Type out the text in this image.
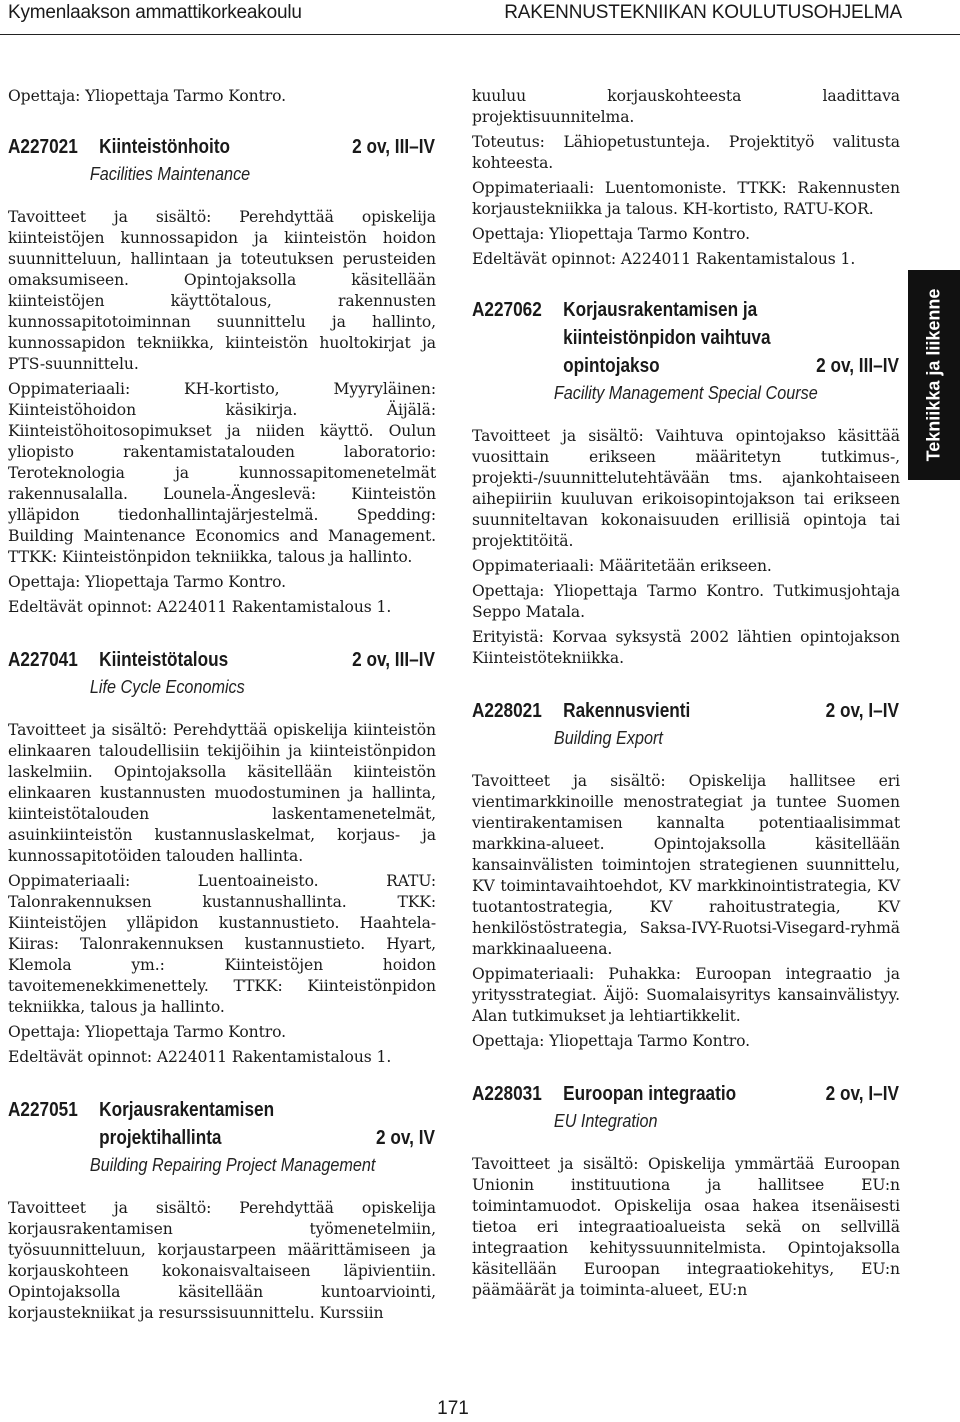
Kymenlaakson ammattikorkeakoulu	RAKENNUSTEKNIIKAN KOULUTUSOHJELMA
Tekniikka ja liikenne

Opettaja: Yliopettaja Tarmo Kontro.

A227021	Kiinteistönhoito	2 ov, III–IV
Facilities Maintenance

Tavoitteet ja sisältö: Perehdyttää opiskelija kiinteistöjen kunnossapidon ja kiinteistön hoidon suunnitteluun, hallintaan ja toteutuksen perusteiden omaksumiseen. Opintojaksolla käsitellään kiinteistöjen käyttötalous, rakennusten kunnossapitotoiminnan suunnittelu ja hallinto, kunnossapidon tekniikka, kiinteistön huoltokirjat ja PTS-suunnittelu.

Oppimateriaali: KH-kortisto, Myyryläinen: Kiinteistöhoidon käsikirja. Äijälä: Kiinteistöhoitosopimukset ja niiden käyttö. Oulun yliopisto rakentamistatalouden laboratorio: Teroteknologia ja kunnossapitomenetelmät rakennusalalla. Lounela-Ängeslevä: Kiinteistön ylläpidon tiedonhallintajärjestelmä. Spedding: Building Maintenance Economics and Management. TTKK: Kiinteistönpidon tekniikka, talous ja hallinto.

Opettaja: Yliopettaja Tarmo Kontro.

Edeltävät opinnot: A224011 Rakentamistalous 1.

A227041	Kiinteistötalous	2 ov, III–IV
Life Cycle Economics

Tavoitteet ja sisältö: Perehdyttää opiskelija kiinteistön elinkaaren taloudellisiin tekijöihin ja kiinteistönpidon laskelmiin. Opintojaksolla käsitellään kiinteistön elinkaaren kustannusten muodostuminen ja hallinta, kiinteistötalouden laskentamenetelmät, asuinkiinteistön kustannuslaskelmat, korjaus- ja kunnossapitotöiden talouden hallinta.

Oppimateriaali: Luentoaineisto. RATU: Talonrakennuksen kustannushallinta. TKK: Kiinteistöjen ylläpidon kustannustieto. Haahtela-Kiiras: Talonrakennuksen kustannustieto. Hyart, Klemola ym.: Kiinteistöjen hoidon tavoitemenekkimenettely. TTKK: Kiinteistönpidon tekniikka, talous ja hallinto.

Opettaja: Yliopettaja Tarmo Kontro.

Edeltävät opinnot: A224011 Rakentamistalous 1.

A227051	Korjausrakentamisen
projektihallinta	2 ov, IV
Building Repairing Project Management

Tavoitteet ja sisältö: Perehdyttää opiskelija korjausrakentamisen työmenetelmiin, työsuunnitteluun, korjaustarpeen määrittämiseen ja korjauskohteen kokonaisvaltaiseen läpivientiin. Opintojaksolla käsitellään kuntoarviointi, korjaustekniikat ja resurssisuunnittelu. Kurssiin

kuuluu korjauskohteesta laadittava projektisuunnitelma.

Toteutus: Lähiopetustunteja. Projektityö valitusta kohteesta.

Oppimateriaali: Luentomoniste. TTKK: Rakennusten korjaustekniikka ja talous. KH-kortisto, RATU-KOR.

Opettaja: Yliopettaja Tarmo Kontro.

Edeltävät opinnot: A224011 Rakentamistalous 1.

A227062	Korjausrakentamisen ja
kiinteistönpidon vaihtuva
opintojakso	2 ov, III–IV
Facility Management Special Course

Tavoitteet ja sisältö: Vaihtuva opintojakso käsittää vuosittain erikseen määritetyn tutkimus-, projekti-/suunnittelutehtävään tms. ajankohtaiseen aihepiiriin kuuluvan erikoisopintojakson tai erikseen suunniteltavan kokonaisuuden erillisiä opintoja tai projektitöitä.

Oppimateriaali: Määritetään erikseen.

Opettaja: Yliopettaja Tarmo Kontro. Tutkimusjohtaja Seppo Matala.

Erityistä: Korvaa syksystä 2002 lähtien opintojakson Kiinteistötekniikka.

A228021	Rakennusvienti	2 ov, I–IV
Building Export

Tavoitteet ja sisältö: Opiskelija hallitsee eri vientimarkkinoille menostrategiat ja tuntee Suomen vientirakentamisen kannalta potentiaalisimmat markkina-alueet. Opintojaksolla käsitellään kansainvälisten toimintojen strategienen suunnittelu, KV toimintavaihtoehdot, KV markkinointistrategia, KV tuotantostrategia, KV rahoitustrategia, KV henkilöstöstrategia, Saksa-IVY-Ruotsi-Visegard-ryhmä markkinaalueena.

Oppimateriaali: Puhakka: Euroopan integraatio ja yritysstrategiat. Äijö: Suomalaisyritys kansainvälistyy. Alan tutkimukset ja lehtiartikkelit.

Opettaja: Yliopettaja Tarmo Kontro.

A228031	Euroopan integraatio	2 ov, I–IV
EU Integration

Tavoitteet ja sisältö: Opiskelija ymmärtää Euroopan Unionin instituutiona ja hallitsee EU:n toimintamuodot. Opiskelija osaa hakea itsenäisesti tietoa eri integraatioalueista sekä on sellvillä integraation kehityssuunnitelmista. Opintojaksolla käsitellään Euroopan integraatiokehitys, EU:n päämäärät ja toiminta-alueet, EU:n

171
